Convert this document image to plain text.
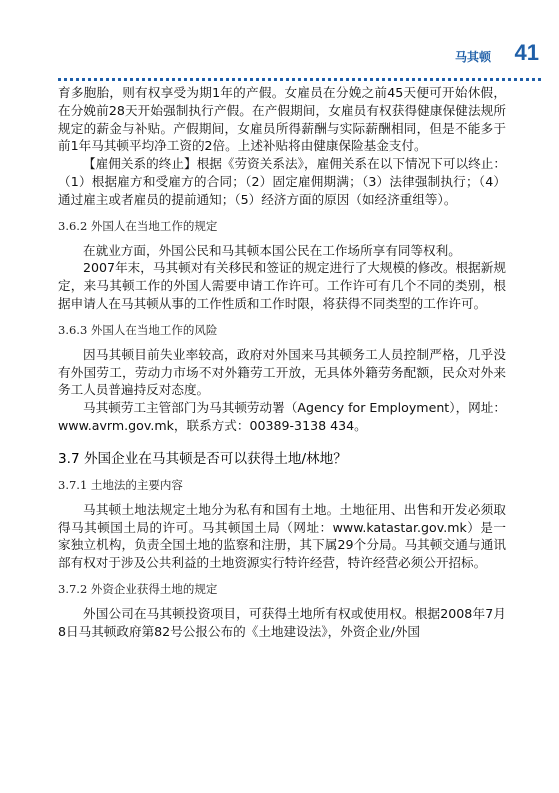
马其顿 41

育多胞胎，则有权享受为期1年的产假。女雇员在分娩之前45天便可开始休假，在分娩前28天开始强制执行产假。在产假期间，女雇员有权获得健康保健法规所规定的薪金与补贴。产假期间，女雇员所得薪酬与实际薪酬相同，但是不能多于前1年马其顿平均净工资的2倍。上述补贴将由健康保险基金支付。

【雇佣关系的终止】根据《劳资关系法》，雇佣关系在以下情况下可以终止：（1）根据雇方和受雇方的合同；（2）固定雇佣期满；（3）法律强制执行；（4）通过雇主或者雇员的提前通知；（5）经济方面的原因（如经济重组等）。

3.6.2 外国人在当地工作的规定

在就业方面，外国公民和马其顿本国公民在工作场所享有同等权利。

2007年末，马其顿对有关移民和签证的规定进行了大规模的修改。根据新规定，来马其顿工作的外国人需要申请工作许可。工作许可有几个不同的类别，根据申请人在马其顿从事的工作性质和工作时限，将获得不同类型的工作许可。

3.6.3 外国人在当地工作的风险

因马其顿目前失业率较高，政府对外国来马其顿务工人员控制严格，几乎没有外国劳工，劳动力市场不对外籍劳工开放，无具体外籍劳务配额，民众对外来务工人员普遍持反对态度。

马其顿劳工主管部门为马其顿劳动署（Agency for Employment），网址： www.avrm.gov.mk，联系方式：00389-3138 434。

3.7 外国企业在马其顿是否可以获得土地/林地？
3.7.1 土地法的主要内容

马其顿土地法规定土地分为私有和国有土地。土地征用、出售和开发必须取得马其顿国土局的许可。马其顿国土局（网址：www.katastar.gov.mk）是一家独立机构，负责全国土地的监察和注册，其下属29个分局。马其顿交通与通讯部有权对于涉及公共利益的土地资源实行特许经营，特许经营必须公开招标。

3.7.2 外资企业获得土地的规定

外国公司在马其顿投资项目，可获得土地所有权或使用权。根据2008年7月8日马其顿政府第82号公报公布的《土地建设法》，外资企业/外国
